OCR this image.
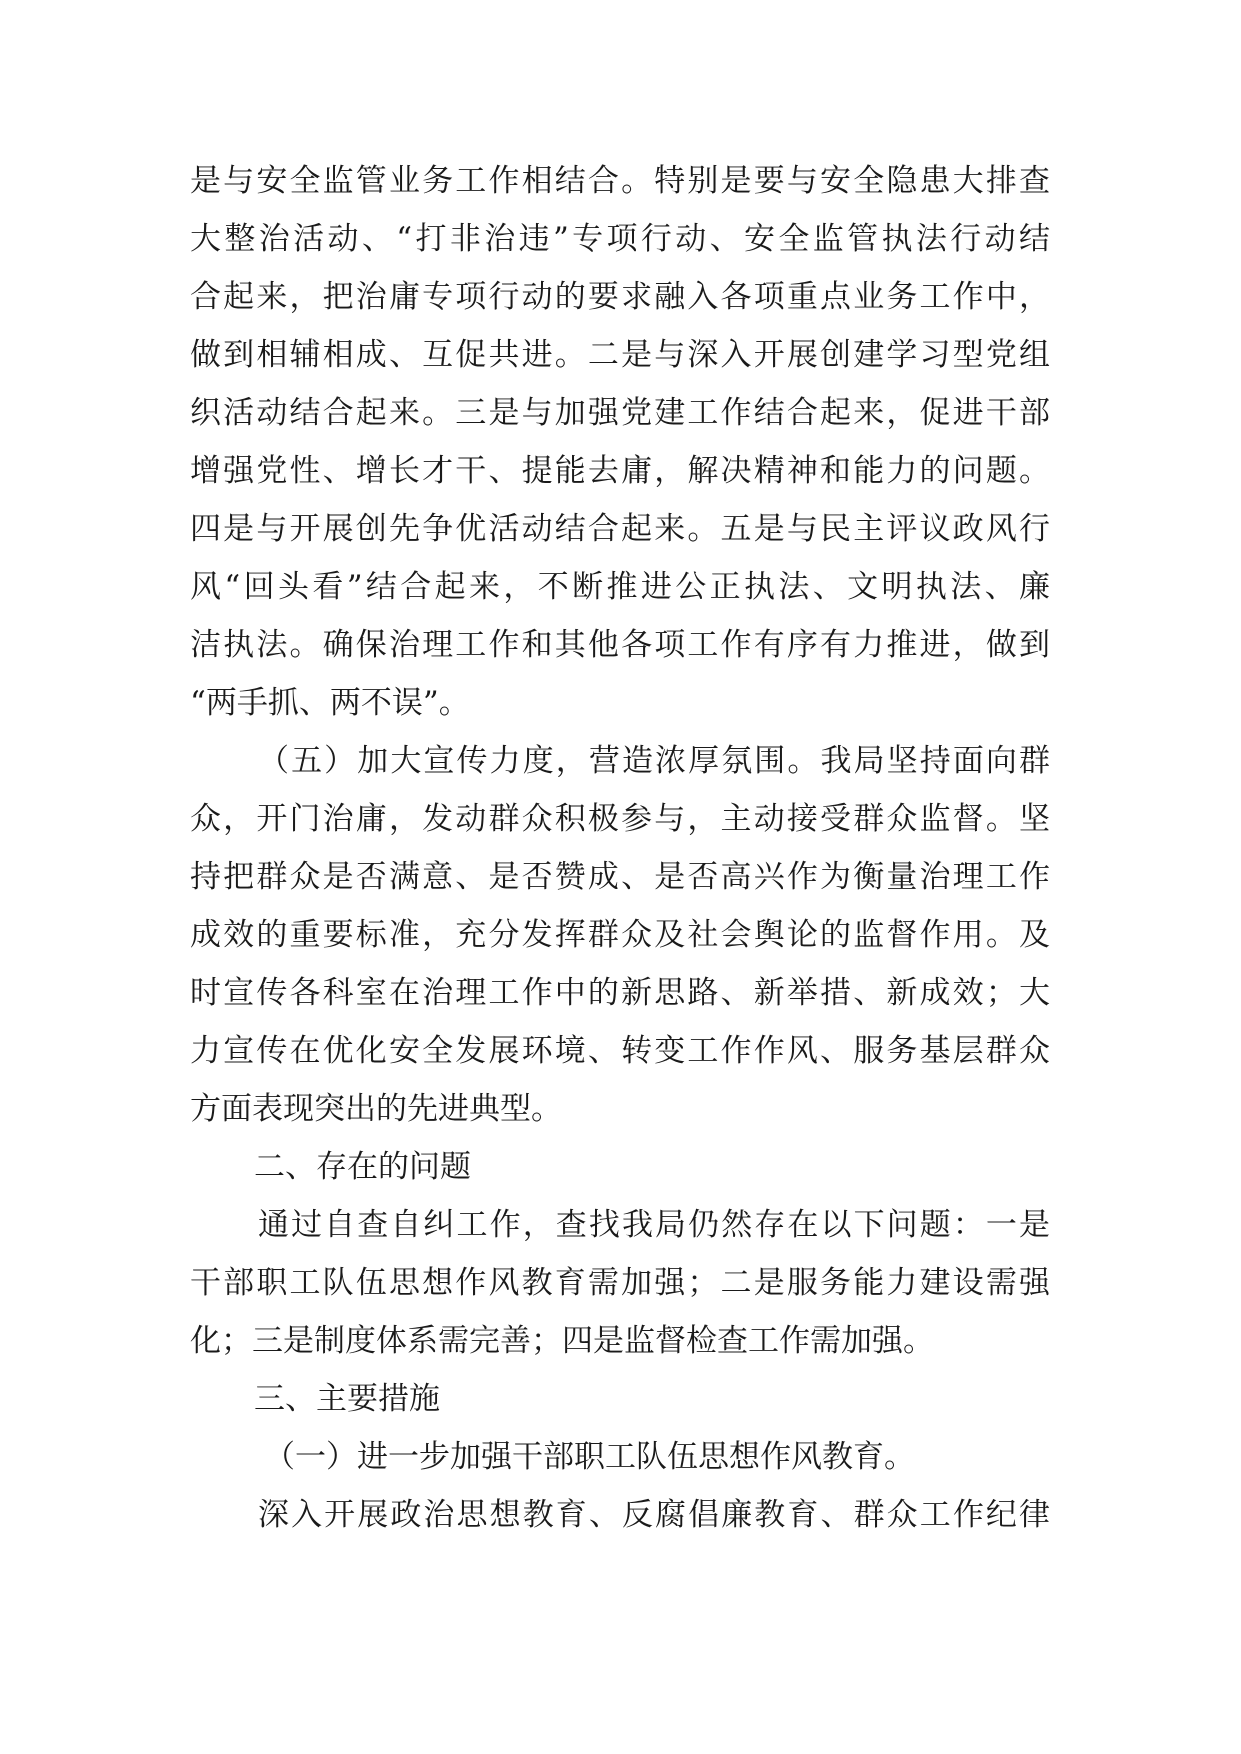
是与安全监管业务工作相结合。特别是要与安全隐患大排查
大整治活动、“打非治违”专项行动、安全监管执法行动结
合起来，把治庸专项行动的要求融入各项重点业务工作中，
做到相辅相成、互促共进。二是与深入开展创建学习型党组
织活动结合起来。三是与加强党建工作结合起来，促进干部
增强党性、增长才干、提能去庸，解决精神和能力的问题。
四是与开展创先争优活动结合起来。五是与民主评议政风行
风“回头看”结合起来，不断推进公正执法、文明执法、廉
洁执法。确保治理工作和其他各项工作有序有力推进，做到
“两手抓、两不误”。
（五）加大宣传力度，营造浓厚氛围。我局坚持面向群
众，开门治庸，发动群众积极参与，主动接受群众监督。坚
持把群众是否满意、是否赞成、是否高兴作为衡量治理工作
成效的重要标准，充分发挥群众及社会舆论的监督作用。及
时宣传各科室在治理工作中的新思路、新举措、新成效；大
力宣传在优化安全发展环境、转变工作作风、服务基层群众
方面表现突出的先进典型。
二、存在的问题
通过自查自纠工作，查找我局仍然存在以下问题：一是
干部职工队伍思想作风教育需加强；二是服务能力建设需强
化；三是制度体系需完善；四是监督检查工作需加强。
三、主要措施
（一）进一步加强干部职工队伍思想作风教育。
深入开展政治思想教育、反腐倡廉教育、群众工作纪律
